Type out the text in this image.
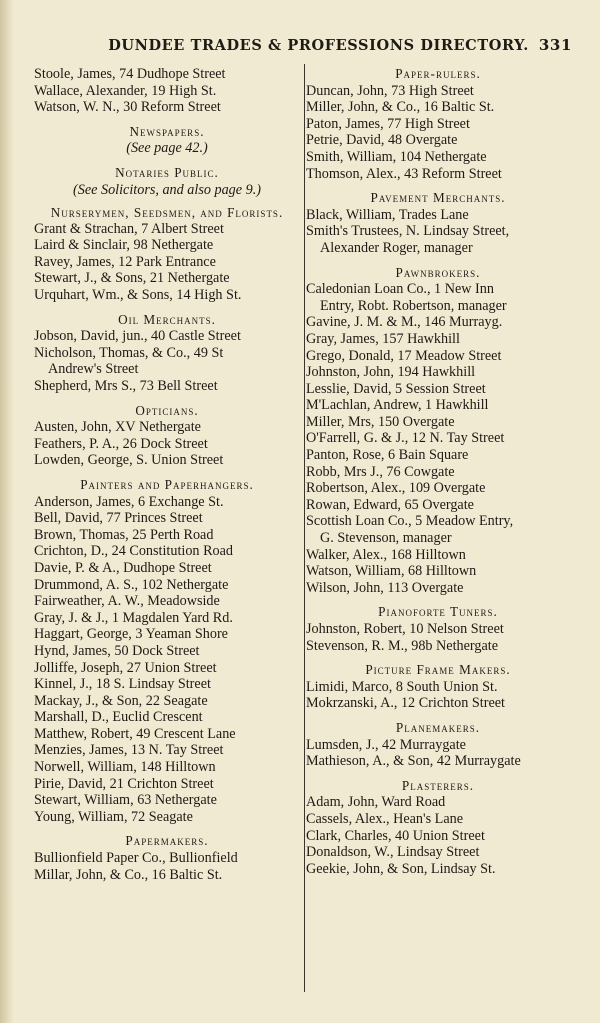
DUNDEE TRADES & PROFESSIONS DIRECTORY. 331
Stoole, James, 74 Dudhope Street
Wallace, Alexander, 19 High St.
Watson, W. N., 30 Reform Street
Newspapers.
(See page 42.)
Notaries Public.
(See Solicitors, and also page 9.)
Nurserymen, Seedsmen, and Florists.
Grant & Strachan, 7 Albert Street
Laird & Sinclair, 98 Nethergate
Ravey, James, 12 Park Entrance
Stewart, J., & Sons, 21 Nethergate
Urquhart, Wm., & Sons, 14 High St.
Oil Merchants.
Jobson, David, jun., 40 Castle Street
Nicholson, Thomas, & Co., 49 St
Andrew's Street
Shepherd, Mrs S., 73 Bell Street
Opticians.
Austen, John, XV Nethergate
Feathers, P. A., 26 Dock Street
Lowden, George, S. Union Street
Painters and Paperhangers.
Anderson, James, 6 Exchange St.
Bell, David, 77 Princes Street
Brown, Thomas, 25 Perth Road
Crichton, D., 24 Constitution Road
Davie, P. & A., Dudhope Street
Drummond, A. S., 102 Nethergate
Fairweather, A. W., Meadowside
Gray, J. & J., 1 Magdalen Yard Rd.
Haggart, George, 3 Yeaman Shore
Hynd, James, 50 Dock Street
Jolliffe, Joseph, 27 Union Street
Kinnel, J., 18 S. Lindsay Street
Mackay, J., & Son, 22 Seagate
Marshall, D., Euclid Crescent
Matthew, Robert, 49 Crescent Lane
Menzies, James, 13 N. Tay Street
Norwell, William, 148 Hilltown
Pirie, David, 21 Crichton Street
Stewart, William, 63 Nethergate
Young, William, 72 Seagate
Papermakers.
Bullionfield Paper Co., Bullionfield
Millar, John, & Co., 16 Baltic St.
Paper-rulers.
Duncan, John, 73 High Street
Miller, John, & Co., 16 Baltic St.
Paton, James, 77 High Street
Petrie, David, 48 Overgate
Smith, William, 104 Nethergate
Thomson, Alex., 43 Reform Street
Pavement Merchants.
Black, William, Trades Lane
Smith's Trustees, N. Lindsay Street,
Alexander Roger, manager
Pawnbrokers.
Caledonian Loan Co., 1 New Inn
Entry, Robt. Robertson, manager
Gavine, J. M. & M., 146 Murrayg.
Gray, James, 157 Hawkhill
Grego, Donald, 17 Meadow Street
Johnston, John, 194 Hawkhill
Lesslie, David, 5 Session Street
M'Lachlan, Andrew, 1 Hawkhill
Miller, Mrs, 150 Overgate
O'Farrell, G. & J., 12 N. Tay Street
Panton, Rose, 6 Bain Square
Robb, Mrs J., 76 Cowgate
Robertson, Alex., 109 Overgate
Rowan, Edward, 65 Overgate
Scottish Loan Co., 5 Meadow Entry,
G. Stevenson, manager
Walker, Alex., 168 Hilltown
Watson, William, 68 Hilltown
Wilson, John, 113 Overgate
Pianoforte Tuners.
Johnston, Robert, 10 Nelson Street
Stevenson, R. M., 98b Nethergate
Picture Frame Makers.
Limidi, Marco, 8 South Union St.
Mokrzanski, A., 12 Crichton Street
Planemakers.
Lumsden, J., 42 Murraygate
Mathieson, A., & Son, 42 Murraygate
Plasterers.
Adam, John, Ward Road
Cassels, Alex., Hean's Lane
Clark, Charles, 40 Union Street
Donaldson, W., Lindsay Street
Geekie, John, & Son, Lindsay St.
